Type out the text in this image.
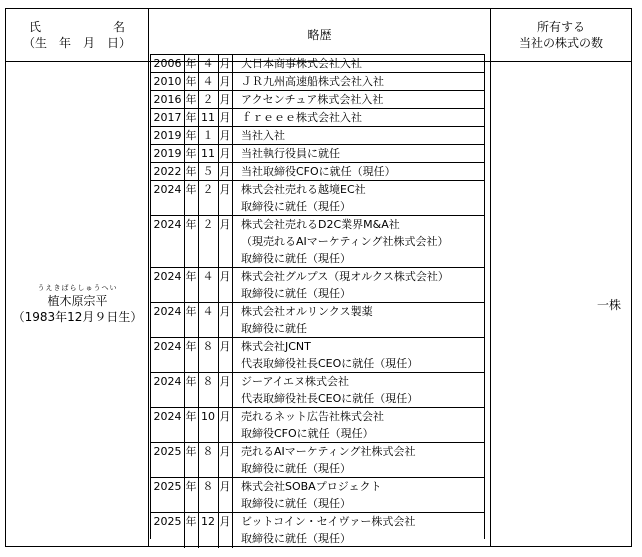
氏　　　　　　名
（生　年　月　日）
略歴
所有する
当社の株式の数
うえきばらしゅうへい
植木原宗平
（1983年12月９日生）
一株
2006 年 ４ 月 大日本商事株式会社入社
2010 年 ４ 月 ＪＲ九州高速船株式会社入社
2016 年 ２ 月 アクセンチュア株式会社入社
2017 年 11 月 ｆｒｅｅｅ株式会社入社
2019 年 １ 月 当社入社
2019 年 11 月 当社執行役員に就任
2022 年 ５ 月 当社取締役CFOに就任（現任）
2024 年 ２ 月 株式会社売れる越境EC社
取締役に就任（現任）
2024 年 ２ 月 株式会社売れるD2C業界M&A社
（現売れるAIマーケティング社株式会社）
取締役に就任（現任）
2024 年 ４ 月 株式会社グルプス（現オルクス株式会社）
取締役に就任（現任）
2024 年 ４ 月 株式会社オルリンクス製薬
取締役に就任
2024 年 ８ 月 株式会社JCNT
代表取締役社長CEOに就任（現任）
2024 年 ８ 月 ジーアイエヌ株式会社
代表取締役社長CEOに就任（現任）
2024 年 10 月 売れるネット広告社株式会社
取締役CFOに就任（現任）
2025 年 ８ 月 売れるAIマーケティング社株式会社
取締役に就任（現任）
2025 年 ８ 月 株式会社SOBAプロジェクト
取締役に就任（現任）
2025 年 12 月 ビットコイン・セイヴァー株式会社
取締役に就任（現任）
